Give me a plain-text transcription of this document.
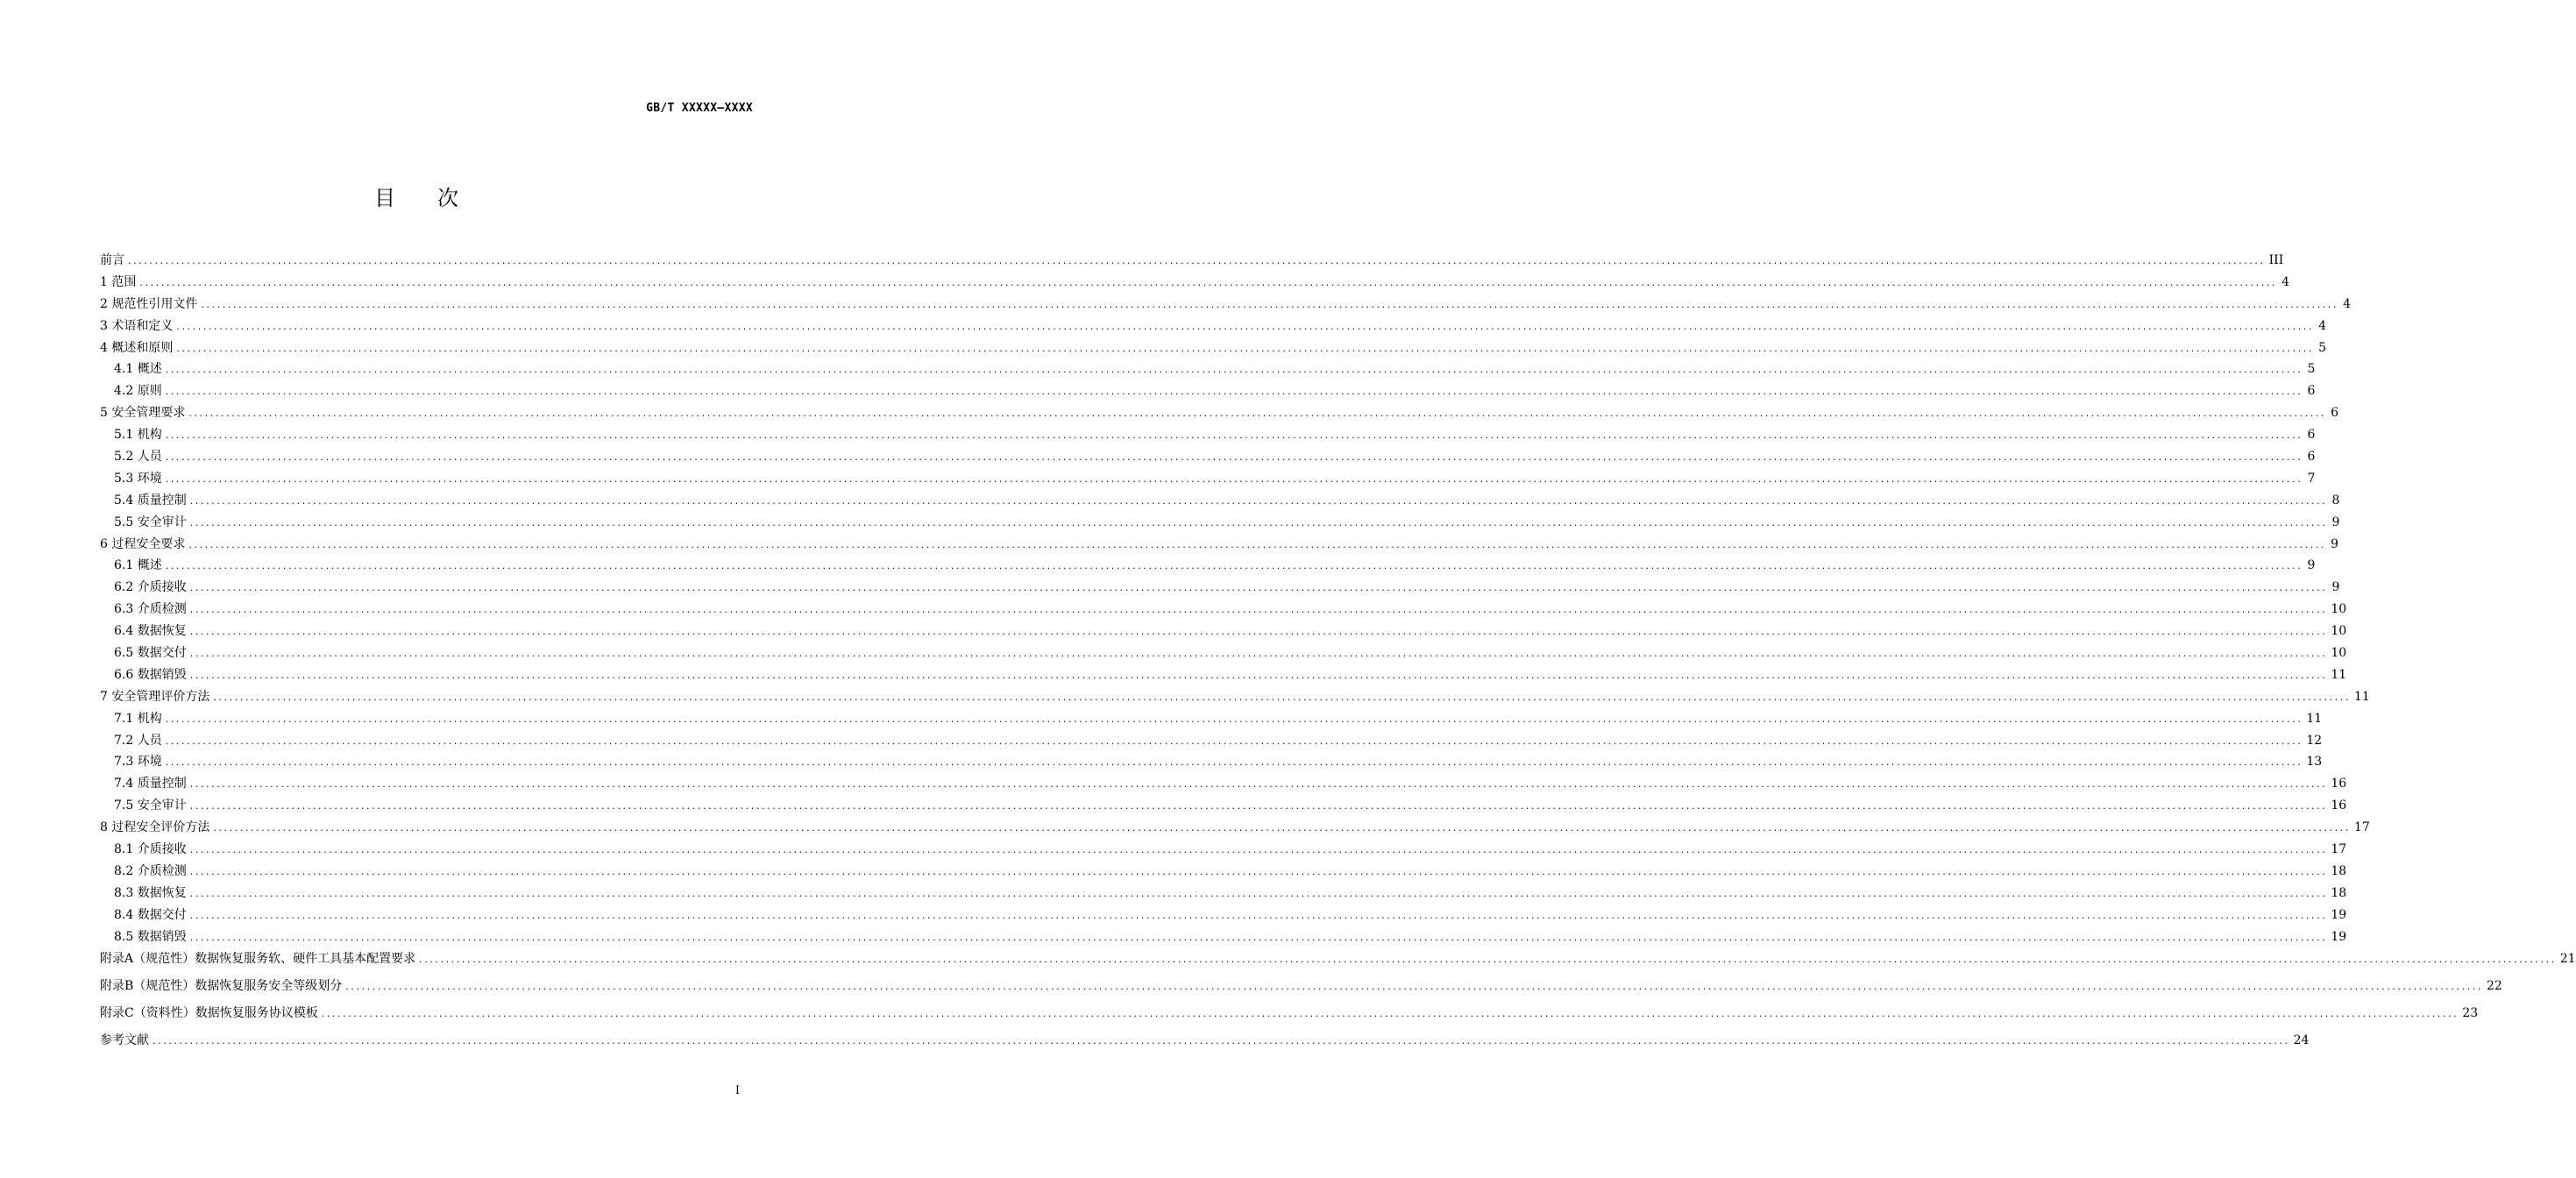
GB/T XXXXX—XXXX
目次
前言 ................................................................................................................................................................................................................................................................................................................................................................................................................ III
1 范围 ................................................................................................................................................................................................................................................................................................................................................................................................................ 4
2 规范性引用文件 ................................................................................................................................................................................................................................................................................................................................................................................................................ 4
3 术语和定义 ................................................................................................................................................................................................................................................................................................................................................................................................................ 4
4 概述和原则 ................................................................................................................................................................................................................................................................................................................................................................................................................ 5
4.1 概述 ................................................................................................................................................................................................................................................................................................................................................................................................................ 5
4.2 原则 ................................................................................................................................................................................................................................................................................................................................................................................................................ 6
5 安全管理要求 ................................................................................................................................................................................................................................................................................................................................................................................................................ 6
5.1 机构 ................................................................................................................................................................................................................................................................................................................................................................................................................ 6
5.2 人员 ................................................................................................................................................................................................................................................................................................................................................................................................................ 6
5.3 环境 ................................................................................................................................................................................................................................................................................................................................................................................................................ 7
5.4 质量控制 ................................................................................................................................................................................................................................................................................................................................................................................................................ 8
5.5 安全审计 ................................................................................................................................................................................................................................................................................................................................................................................................................ 9
6 过程安全要求 ................................................................................................................................................................................................................................................................................................................................................................................................................ 9
6.1 概述 ................................................................................................................................................................................................................................................................................................................................................................................................................ 9
6.2 介质接收 ................................................................................................................................................................................................................................................................................................................................................................................................................ 9
6.3 介质检测 ................................................................................................................................................................................................................................................................................................................................................................................................................ 10
6.4 数据恢复 ................................................................................................................................................................................................................................................................................................................................................................................................................ 10
6.5 数据交付 ................................................................................................................................................................................................................................................................................................................................................................................................................ 10
6.6 数据销毁 ................................................................................................................................................................................................................................................................................................................................................................................................................ 11
7 安全管理评价方法 ................................................................................................................................................................................................................................................................................................................................................................................................................ 11
7.1 机构 ................................................................................................................................................................................................................................................................................................................................................................................................................ 11
7.2 人员 ................................................................................................................................................................................................................................................................................................................................................................................................................ 12
7.3 环境 ................................................................................................................................................................................................................................................................................................................................................................................................................ 13
7.4 质量控制 ................................................................................................................................................................................................................................................................................................................................................................................................................ 16
7.5 安全审计 ................................................................................................................................................................................................................................................................................................................................................................................................................ 16
8 过程安全评价方法 ................................................................................................................................................................................................................................................................................................................................................................................................................ 17
8.1 介质接收 ................................................................................................................................................................................................................................................................................................................................................................................................................ 17
8.2 介质检测 ................................................................................................................................................................................................................................................................................................................................................................................................................ 18
8.3 数据恢复 ................................................................................................................................................................................................................................................................................................................................................................................................................ 18
8.4 数据交付 ................................................................................................................................................................................................................................................................................................................................................................................................................ 19
8.5 数据销毁 ................................................................................................................................................................................................................................................................................................................................................................................................................ 19
附录A（规范性）数据恢复服务软、硬件工具基本配置要求 ................................................................................................................................................................................................................................................................................................................................................................................................................ 21
附录B（规范性）数据恢复服务安全等级划分 ................................................................................................................................................................................................................................................................................................................................................................................................................ 22
附录C（资料性）数据恢复服务协议模板 ................................................................................................................................................................................................................................................................................................................................................................................................................ 23
参考文献 ................................................................................................................................................................................................................................................................................................................................................................................................................ 24
I
